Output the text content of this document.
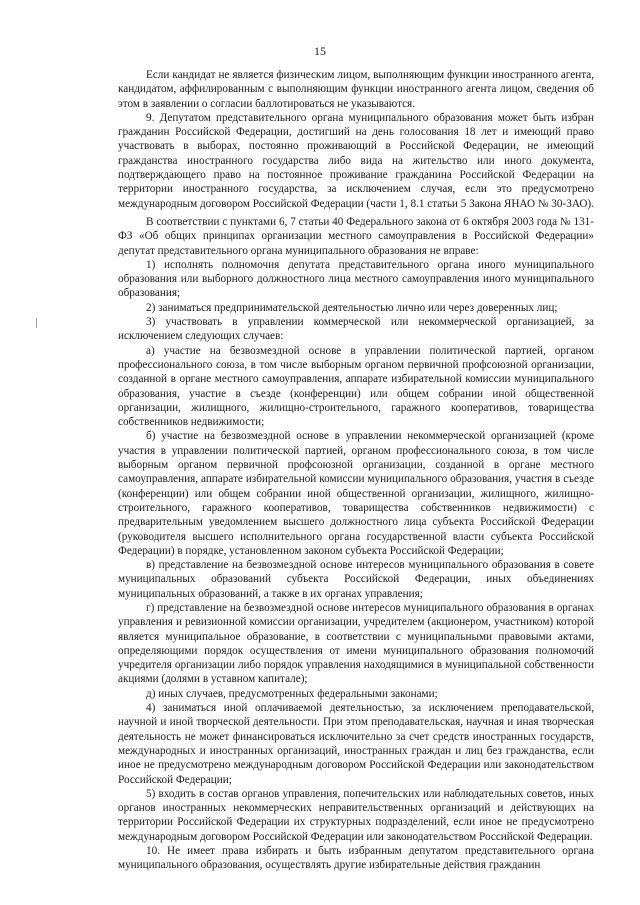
15

Если кандидат не является физическим лицом, выполняющим функции иностранного агента, кандидатом, аффилированным с выполняющим функции иностранного агента лицом, сведения об этом в заявлении о согласии баллотироваться не указываются.

9. Депутатом представительного органа муниципального образования может быть избран гражданин Российской Федерации, достигший на день голосования 18 лет и имеющий право участвовать в выборах, постоянно проживающий в Российской Федерации, не имеющий гражданства иностранного государства либо вида на жительство или иного документа, подтверждающего право на постоянное проживание гражданина Российской Федерации на территории иностранного государства, за исключением случая, если это предусмотрено международным договором Российской Федерации (части 1, 8.1 статьи 5 Закона ЯНАО № 30-ЗАО).

В соответствии с пунктами 6, 7 статьи 40 Федерального закона от 6 октября 2003 года № 131-ФЗ «Об общих принципах организации местного самоуправления в Российской Федерации» депутат представительного органа муниципального образования не вправе:

1) исполнять полномочия депутата представительного органа иного муниципального образования или выборного должностного лица местного самоуправления иного муниципального образования;

2) заниматься предпринимательской деятельностью лично или через доверенных лиц;

3) участвовать в управлении коммерческой или некоммерческой организацией, за исключением следующих случаев:

а) участие на безвозмездной основе в управлении политической партией, органом профессионального союза, в том числе выборным органом первичной профсоюзной организации, созданной в органе местного самоуправления, аппарате избирательной комиссии муниципального образования, участие в съезде (конференции) или общем собрании иной общественной организации, жилищного, жилищно-строительного, гаражного кооперативов, товарищества собственников недвижимости;

б) участие на безвозмездной основе в управлении некоммерческой организацией (кроме участия в управлении политической партией, органом профессионального союза, в том числе выборным органом первичной профсоюзной организации, созданной в органе местного самоуправления, аппарате избирательной комиссии муниципального образования, участия в съезде (конференции) или общем собрании иной общественной организации, жилищного, жилищно-строительного, гаражного кооперативов, товарищества собственников недвижимости) с предварительным уведомлением высшего должностного лица субъекта Российской Федерации (руководителя высшего исполнительного органа государственной власти субъекта Российской Федерации) в порядке, установленном законом субъекта Российской Федерации;

в) представление на безвозмездной основе интересов муниципального образования в совете муниципальных образований субъекта Российской Федерации, иных объединениях муниципальных образований, а также в их органах управления;

г) представление на безвозмездной основе интересов муниципального образования в органах управления и ревизионной комиссии организации, учредителем (акционером, участником) которой является муниципальное образование, в соответствии с муниципальными правовыми актами, определяющими порядок осуществления от имени муниципального образования полномочий учредителя организации либо порядок управления находящимися в муниципальной собственности акциями (долями в уставном капитале);

д) иных случаев, предусмотренных федеральными законами;

4) заниматься иной оплачиваемой деятельностью, за исключением преподавательской, научной и иной творческой деятельности. При этом преподавательская, научная и иная творческая деятельность не может финансироваться исключительно за счет средств иностранных государств, международных и иностранных организаций, иностранных граждан и лиц без гражданства, если иное не предусмотрено международным договором Российской Федерации или законодательством Российской Федерации;

5) входить в состав органов управления, попечительских или наблюдательных советов, иных органов иностранных некоммерческих неправительственных организаций и действующих на территории Российской Федерации их структурных подразделений, если иное не предусмотрено международным договором Российской Федерации или законодательством Российской Федерации.

10. Не имеет права избирать и быть избранным депутатом представительного органа муниципального образования, осуществлять другие избирательные действия гражданин
